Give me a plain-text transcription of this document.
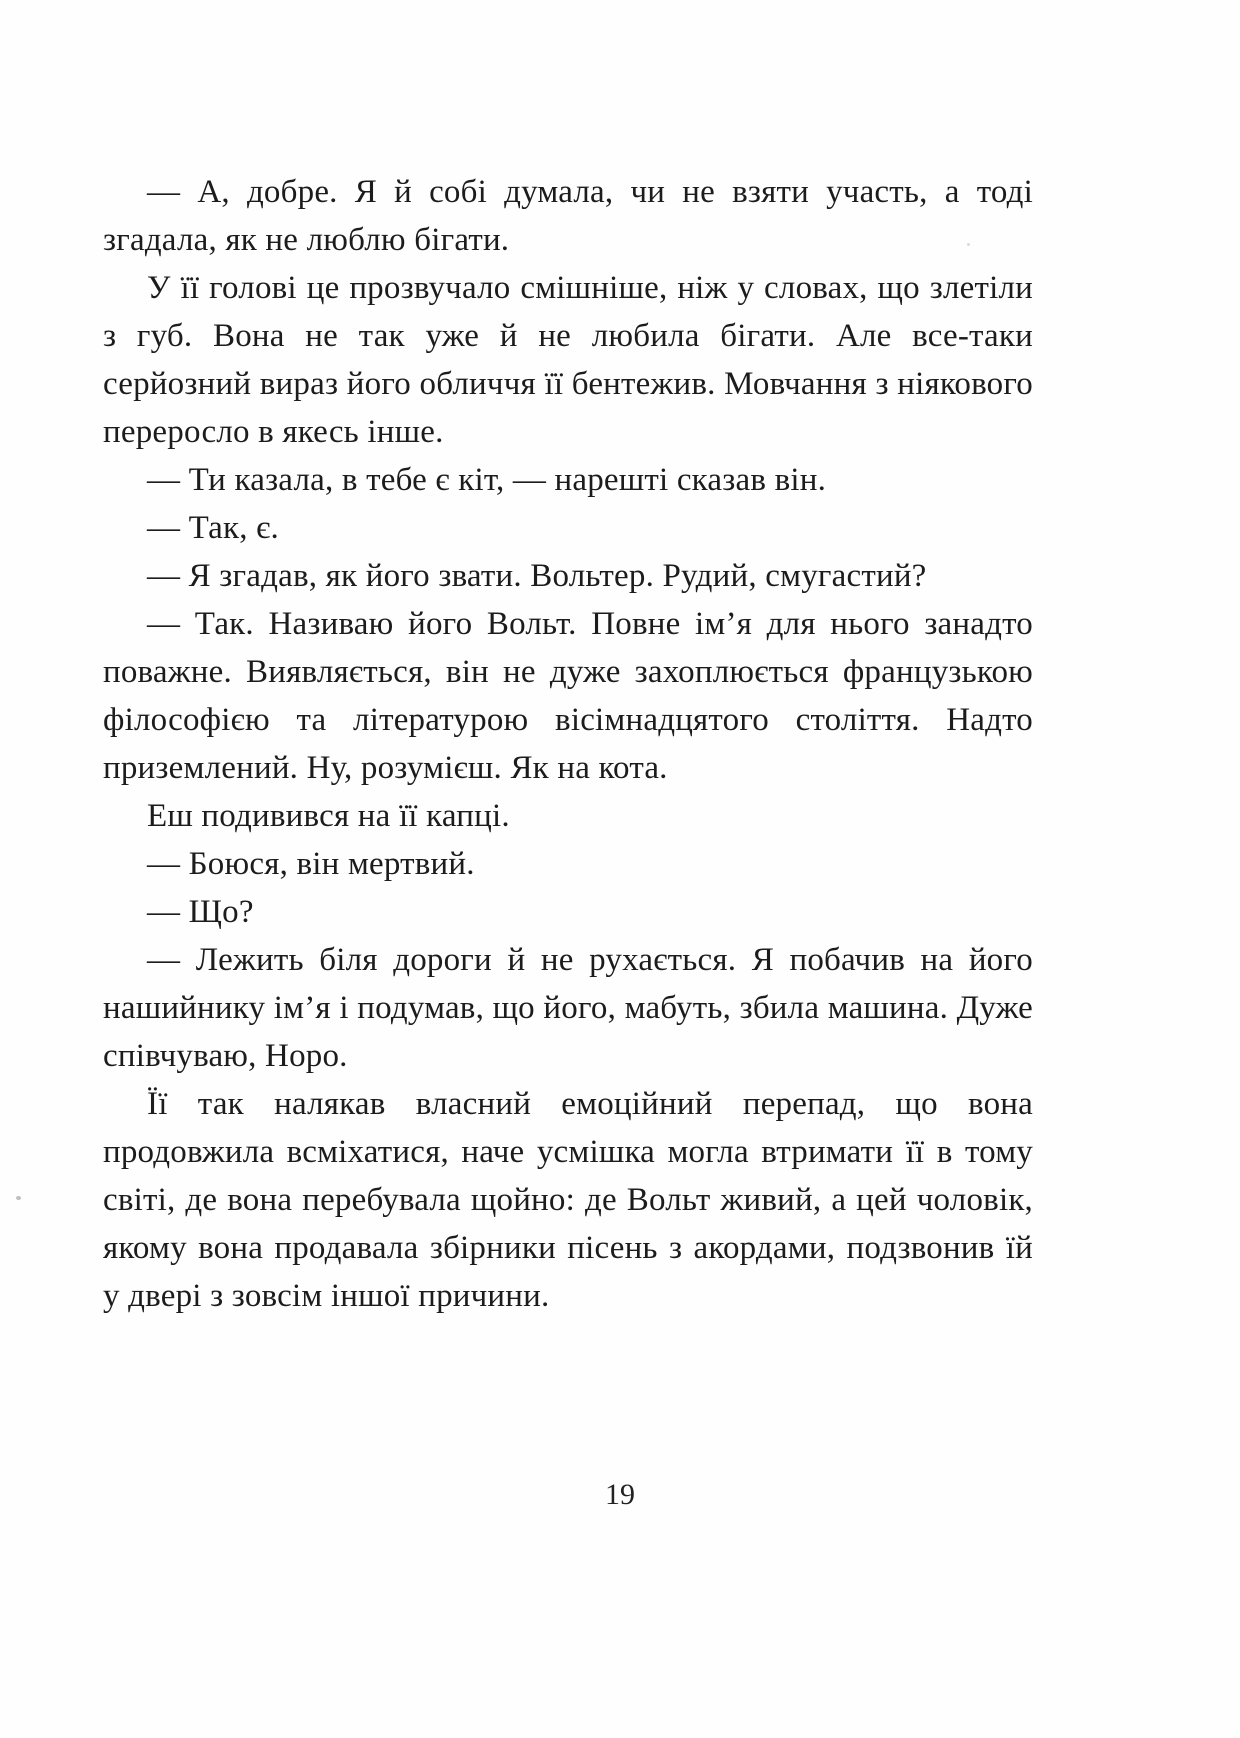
— А, добре. Я й собі думала, чи не взяти участь, а тоді згадала, як не люблю бігати.

У її голові це прозвучало смішніше, ніж у словах, що злетіли з губ. Вона не так уже й не любила бігати. Але все-таки серйозний вираз його обличчя її бентежив. Мовчання з ніякового переросло в якесь інше.

— Ти казала, в тебе є кіт, — нарешті сказав він.

— Так, є.

— Я згадав, як його звати. Вольтер. Рудий, смугастий?

— Так. Називаю його Вольт. Повне ім’я для нього занадто поважне. Виявляється, він не дуже захоплюється французькою філософією та літературою вісімнадцятого століття. Надто приземлений. Ну, розумієш. Як на кота.

Еш подивився на її капці.

— Боюся, він мертвий.

— Що?

— Лежить біля дороги й не рухається. Я побачив на його нашийнику ім’я і подумав, що його, мабуть, збила машина. Дуже співчуваю, Норо.

Її так налякав власний емоційний перепад, що вона продовжила всміхатися, наче усмішка могла втримати її в тому світі, де вона перебувала щойно: де Вольт живий, а цей чоловік, якому вона продавала збірники пісень з акордами, подзвонив їй у двері з зовсім іншої причини.

19
